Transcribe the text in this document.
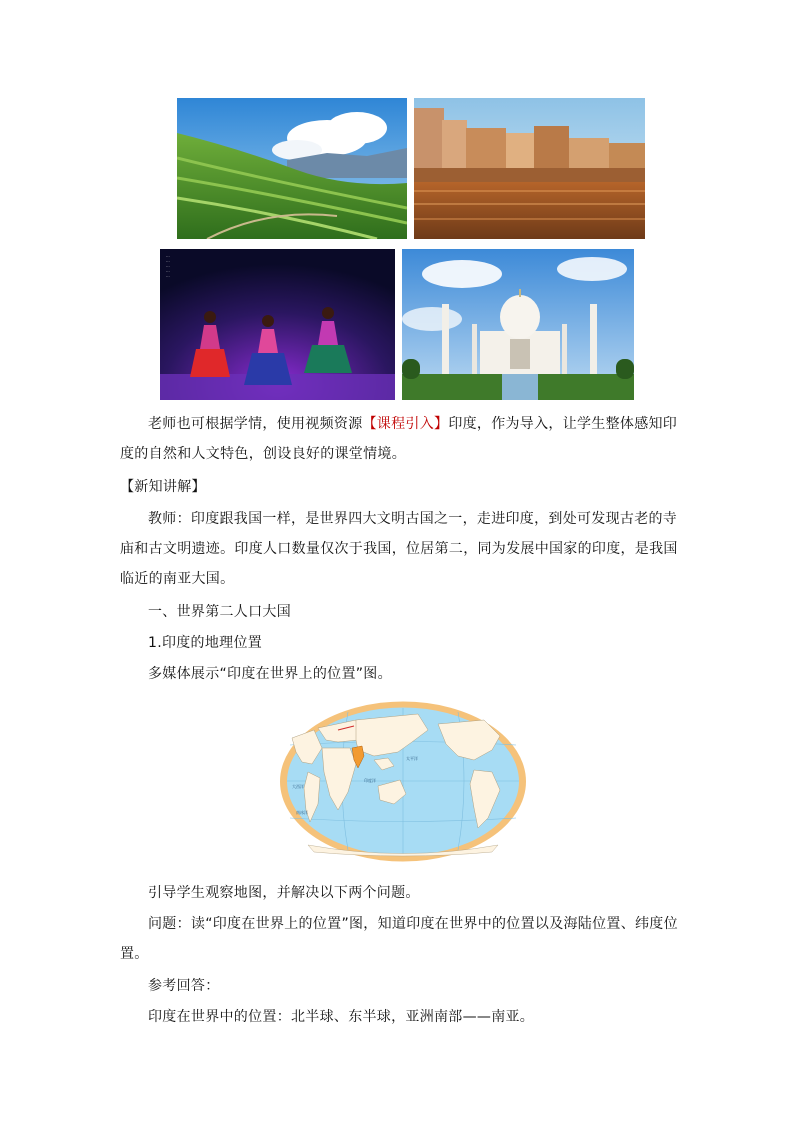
...
...
...
...
...

老师也可根据学情，使用视频资源【课程引入】印度，作为导入，让学生整体感知印度的自然和人文特色，创设良好的课堂情境。

【新知讲解】

教师：印度跟我国一样，是世界四大文明古国之一，走进印度，到处可发现古老的寺庙和古文明遗迹。印度人口数量仅次于我国，位居第二，同为发展中国家的印度，是我国临近的南亚大国。

一、世界第二人口大国

1.印度的地理位置

多媒体展示“印度在世界上的位置”图。

太平洋
大西洋
印度洋
南冰洋

引导学生观察地图，并解决以下两个问题。

问题：读“印度在世界上的位置”图，知道印度在世界中的位置以及海陆位置、纬度位置。

参考回答：

印度在世界中的位置：北半球、东半球，亚洲南部——南亚。
